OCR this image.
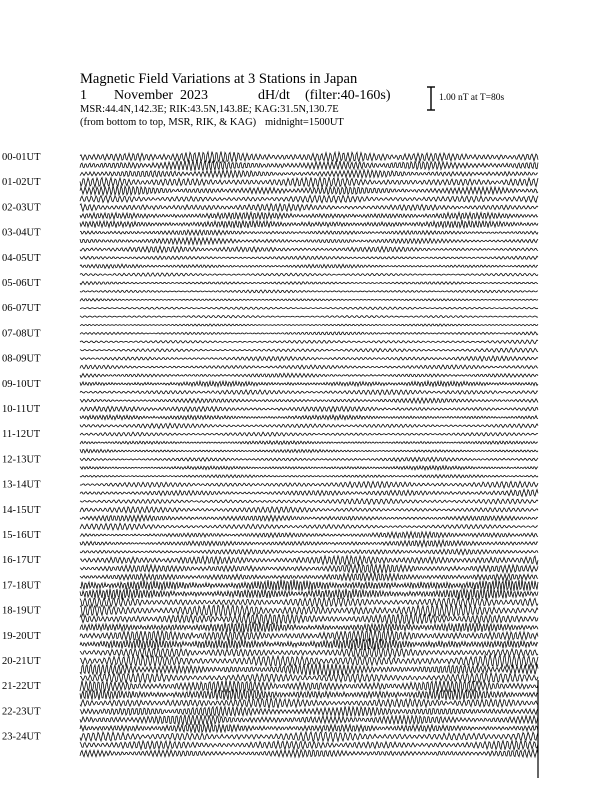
00-01UT
01-02UT
02-03UT
03-04UT
04-05UT
05-06UT
06-07UT
07-08UT
08-09UT
09-10UT
10-11UT
11-12UT
12-13UT
13-14UT
14-15UT
15-16UT
16-17UT
17-18UT
18-19UT
19-20UT
20-21UT
21-22UT
22-23UT
23-24UT
Magnetic Field Variations at 3 Stations in Japan
1 November 2023	dH/dt (filter:40-160s)
MSR:44.4N,142.3E; RIK:43.5N,143.8E; KAG:31.5N,130.7E
(from bottom to top, MSR, RIK, & KAG) midnight=1500UT
1.00 nT at T=80s
